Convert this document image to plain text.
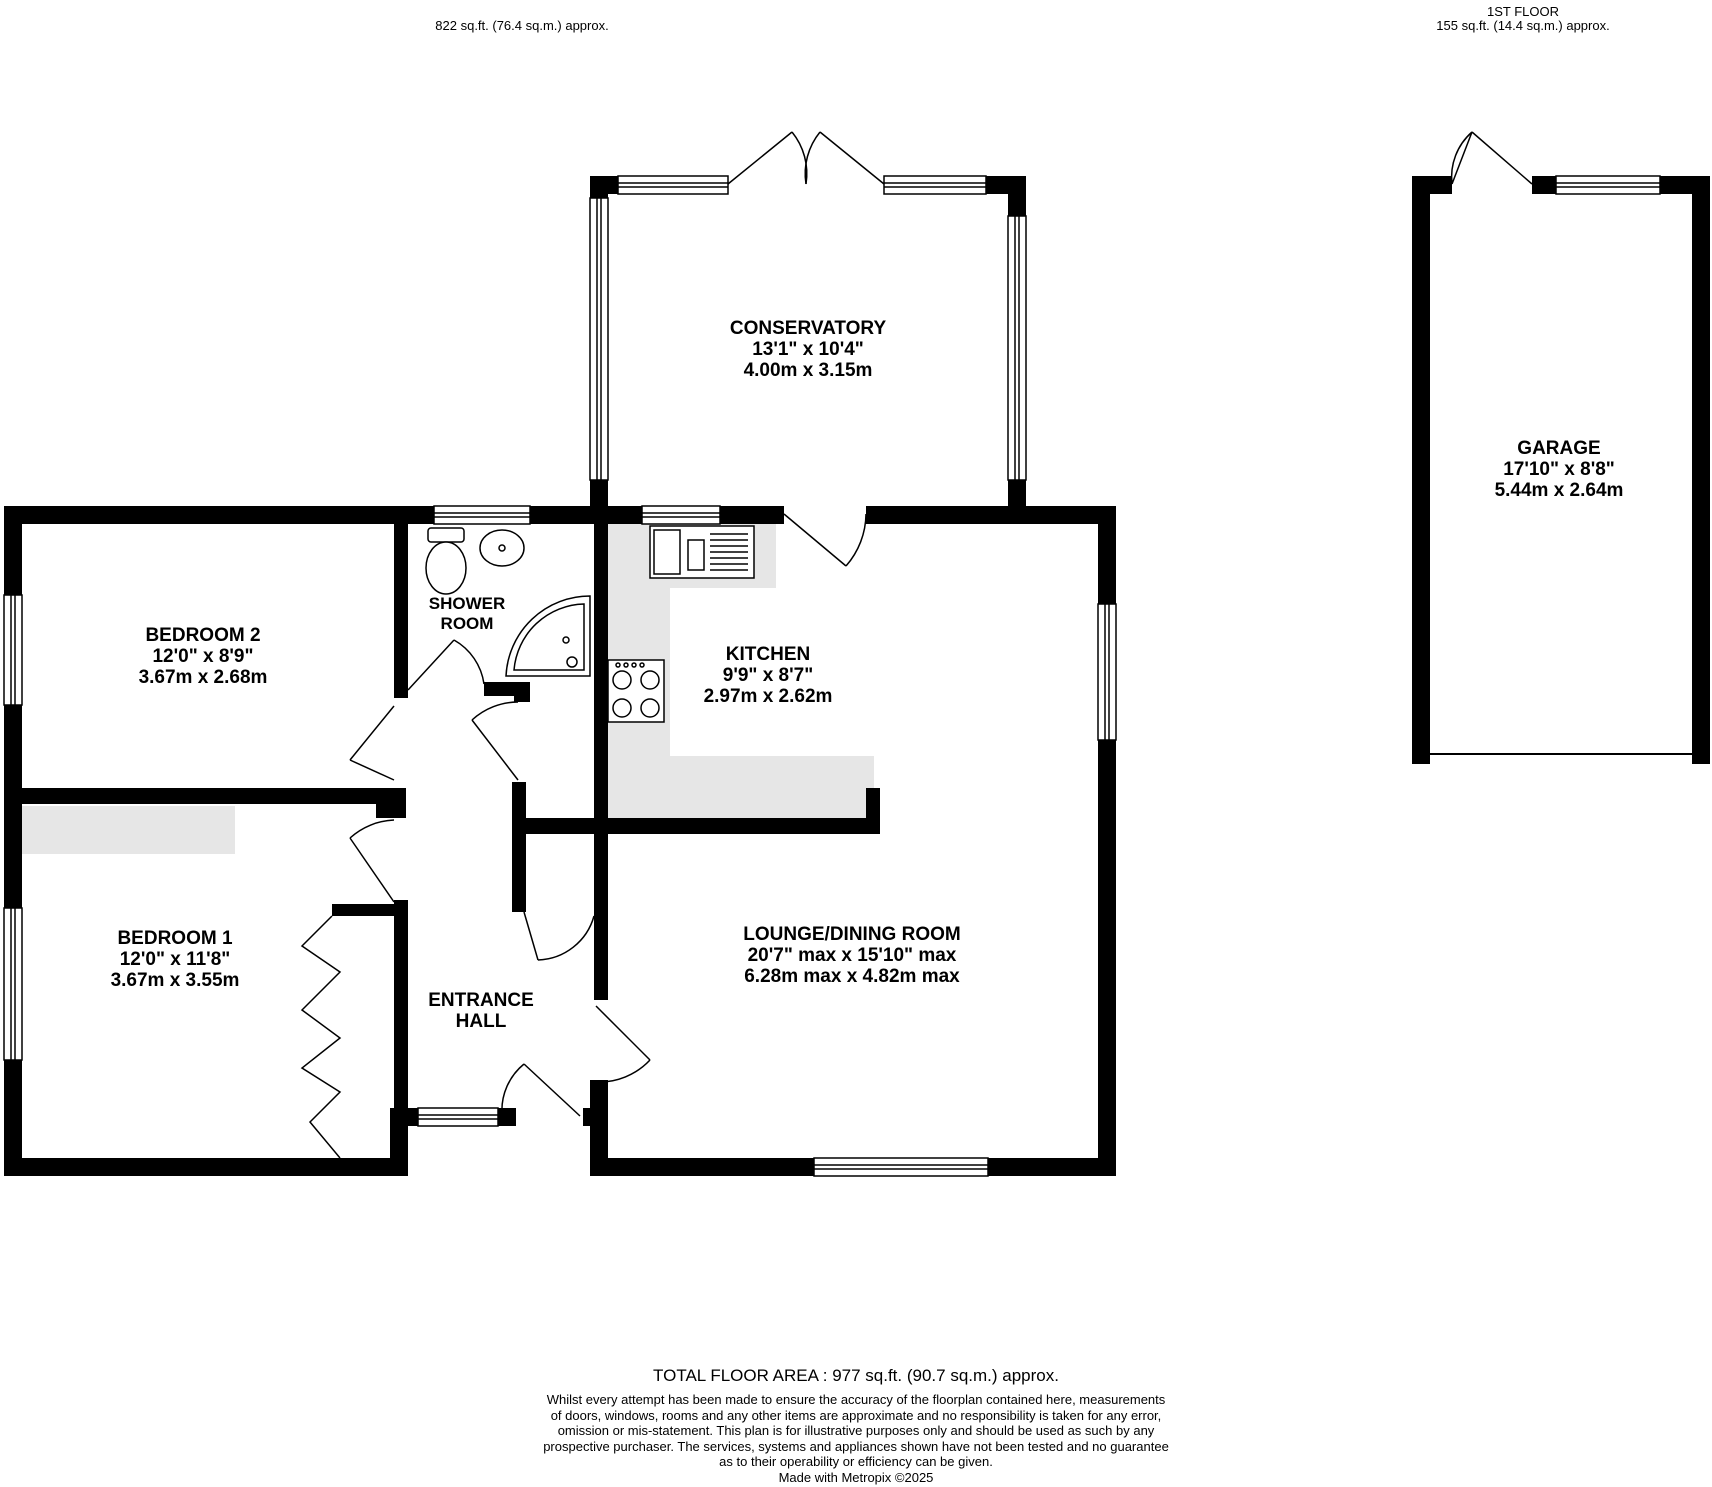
822 sq.ft. (76.4 sq.m.) approx.
1ST FLOOR
155 sq.ft. (14.4 sq.m.) approx.
CONSERVATORY
13'1" x 10'4"
4.00m x 3.15m
GARAGE
17'10" x 8'8"
5.44m x 2.64m
BEDROOM 2
12'0" x 8'9"
3.67m x 2.68m
SHOWER
ROOM
KITCHEN
9'9" x 8'7"
2.97m x 2.62m
BEDROOM 1
12'0" x 11'8"
3.67m x 3.55m
LOUNGE/DINING ROOM
20'7" max x 15'10" max
6.28m max x 4.82m max
ENTRANCE
HALL
TOTAL FLOOR AREA : 977 sq.ft. (90.7 sq.m.) approx.
Whilst every attempt has been made to ensure the accuracy of the floorplan contained here, measurements
of doors, windows, rooms and any other items are approximate and no responsibility is taken for any error,
omission or mis-statement. This plan is for illustrative purposes only and should be used as such by any
prospective purchaser. The services, systems and appliances shown have not been tested and no guarantee
as to their operability or efficiency can be given.
Made with Metropix ©2025
